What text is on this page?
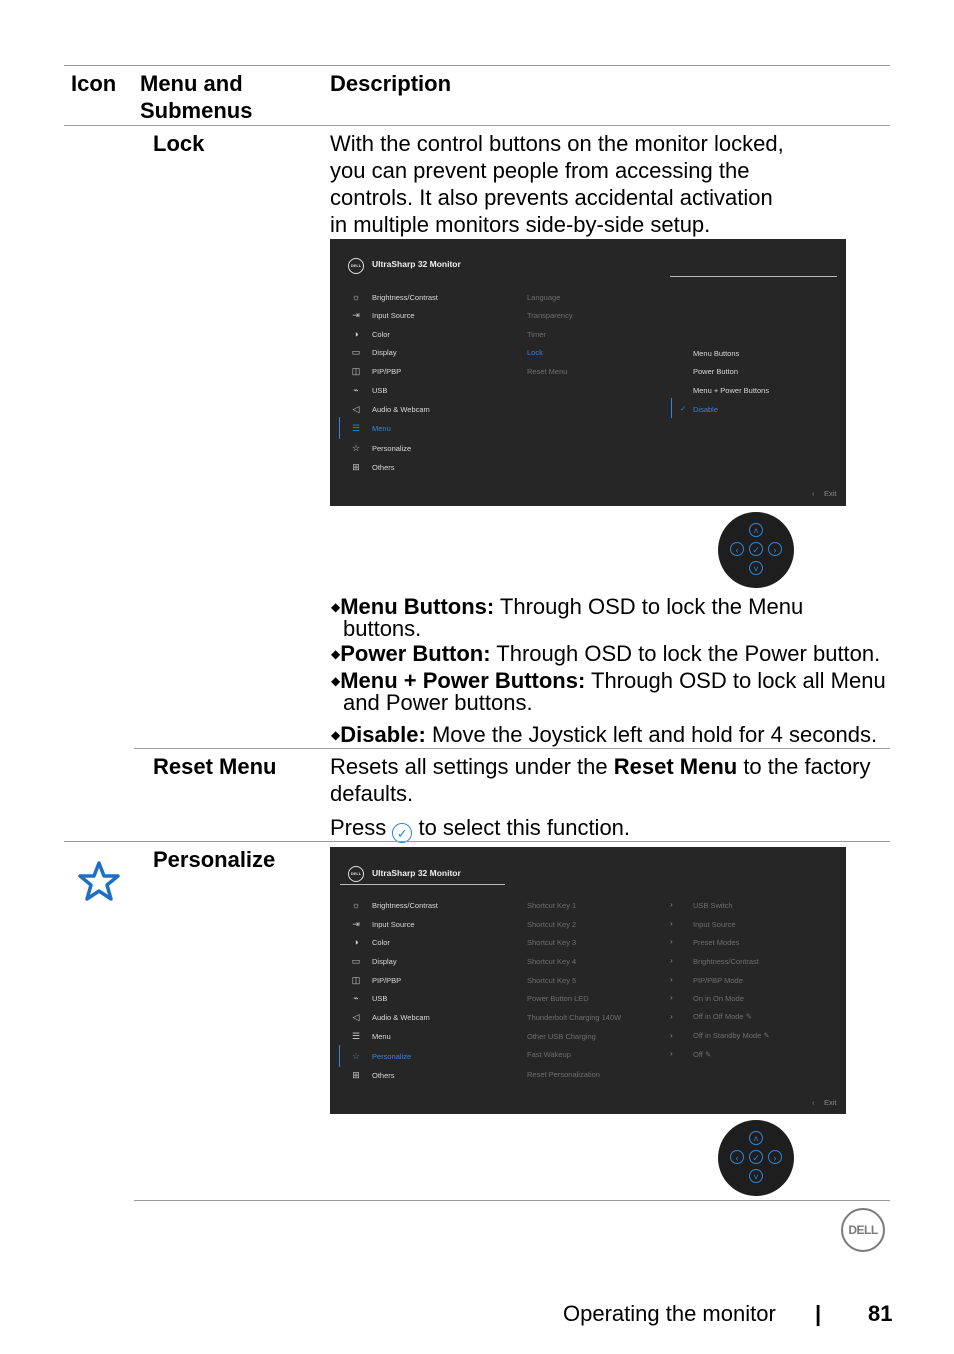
Icon Menu and Submenus
Description
Lock	With the control buttons on the monitor locked,
you can prevent people from accessing the
controls. It also prevents accidental activation
in multiple monitors side-by-side setup.
DELL	UltraSharp 32 Monitor
☼
⇥
◑
▭
◫
⌁
◁
☰
☆
⊞
Brightness/Contrast
Input Source
Color
Display
PIP/PBP
USB
Audio & Webcam
Menu
Personalize
Others
Language
Transparency
Timer
Lock
Reset Menu
Menu Buttons
Power Button
Menu + Power Buttons
✓ Disable
‹ Exit
˄
‹	✓	›
˅
◆Menu Buttons: Through OSD to lock the Menu
buttons.
◆Power Button: Through OSD to lock the Power button.
◆Menu + Power Buttons: Through OSD to lock all Menu
and Power buttons.
◆Disable: Move the Joystick left and hold for 4 seconds.
Reset Menu Resets all settings under the Reset Menu to the factory
defaults.
Press ✓ to select this function.
Personalize
DELL	UltraSharp 32 Monitor
☼
⇥
◑
▭
◫
⌁
◁
☰
☆
⊞
Brightness/Contrast
Input Source
Color
Display
PIP/PBP
USB
Audio & Webcam
Menu
Personalize
Others
Shortcut Key 1
Shortcut Key 2
Shortcut Key 3
Shortcut Key 4
Shortcut Key 5
Power Button LED
Thunderbolt Charging 140W
Other USB Charging
Fast Wakeup
Reset Personalization
›
›
›
›
›
›
›
›
›
USB Switch
Input Source
Preset Modes
Brightness/Contrast
PIP/PBP Mode
On in On Mode
Off in Off Mode ✎
Off in Standby Mode ✎
Off ✎
‹ Exit
˄
‹	✓	›
˅
DELL
Operating the monitor | 81
